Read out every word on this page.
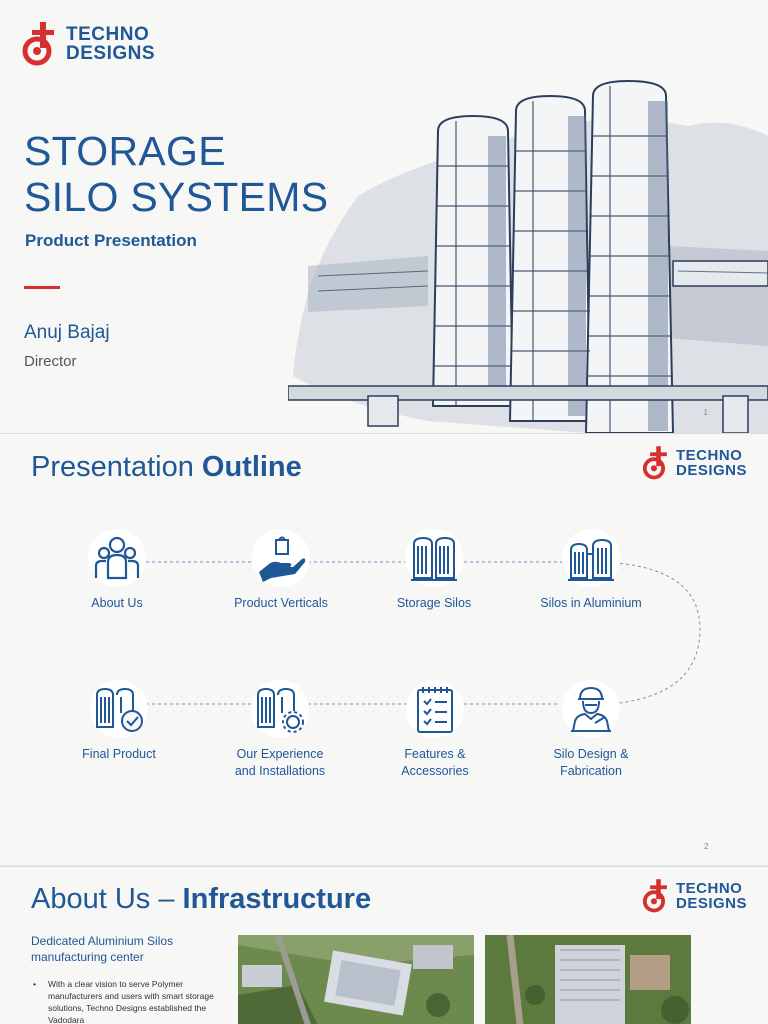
TECHNO
DESIGNS
STORAGE
SILO SYSTEMS
Product Presentation
Anuj Bajaj
Director
1
Presentation Outline	TECHNO
DESIGNS
About Us	Product Verticals	Storage Silos	Silos in Aluminium
Final Product	Our Experience
and Installations
Features &
Accessories
Silo Design &
Fabrication
2
About Us – Infrastructure	TECHNO
DESIGNS
Dedicated Aluminium Silos manufacturing center
• With a clear vision to serve Polymer manufacturers and users with smart storage solutions, Techno Designs established the Vadodara
